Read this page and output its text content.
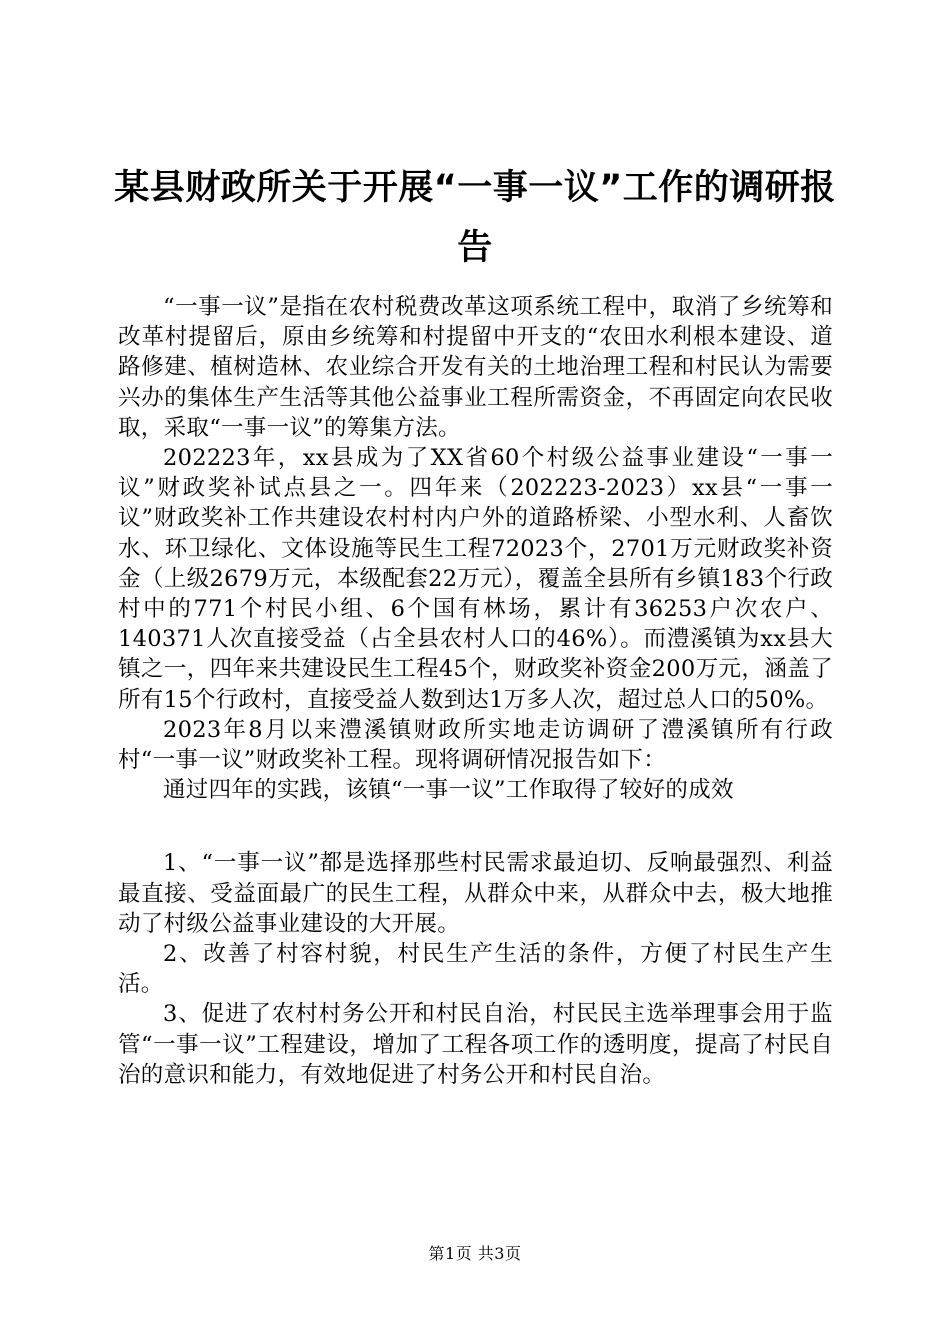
某县财政所关于开展“一事一议”工作的调研报告

“一事一议”是指在农村税费改革这项系统工程中，取消了乡统筹和改革村提留后，原由乡统筹和村提留中开支的“农田水利根本建设、道路修建、植树造林、农业综合开发有关的土地治理工程和村民认为需要兴办的集体生产生活等其他公益事业工程所需资金，不再固定向农民收取，采取“一事一议”的筹集方法。

202223年，xx县成为了XX省60个村级公益事业建设“一事一议”财政奖补试点县之一。四年来（202223-2023）xx县“一事一议”财政奖补工作共建设农村村内户外的道路桥梁、小型水利、人畜饮水、环卫绿化、文体设施等民生工程72023个，2701万元财政奖补资金（上级2679万元，本级配套22万元），覆盖全县所有乡镇183个行政村中的771个村民小组、6个国有林场，累计有36253户次农户、140371人次直接受益（占全县农村人口的46%）。而澧溪镇为xx县大镇之一，四年来共建设民生工程45个，财政奖补资金200万元，涵盖了所有15个行政村，直接受益人数到达1万多人次，超过总人口的50%。

2023年8月以来澧溪镇财政所实地走访调研了澧溪镇所有行政村“一事一议”财政奖补工程。现将调研情况报告如下：

通过四年的实践，该镇“一事一议”工作取得了较好的成效

1、“一事一议”都是选择那些村民需求最迫切、反响最强烈、利益最直接、受益面最广的民生工程，从群众中来，从群众中去，极大地推动了村级公益事业建设的大开展。

2、改善了村容村貌，村民生产生活的条件，方便了村民生产生活。

3、促进了农村村务公开和村民自治，村民民主选举理事会用于监管“一事一议”工程建设，增加了工程各项工作的透明度，提高了村民自治的意识和能力，有效地促进了村务公开和村民自治。

第1页 共3页
